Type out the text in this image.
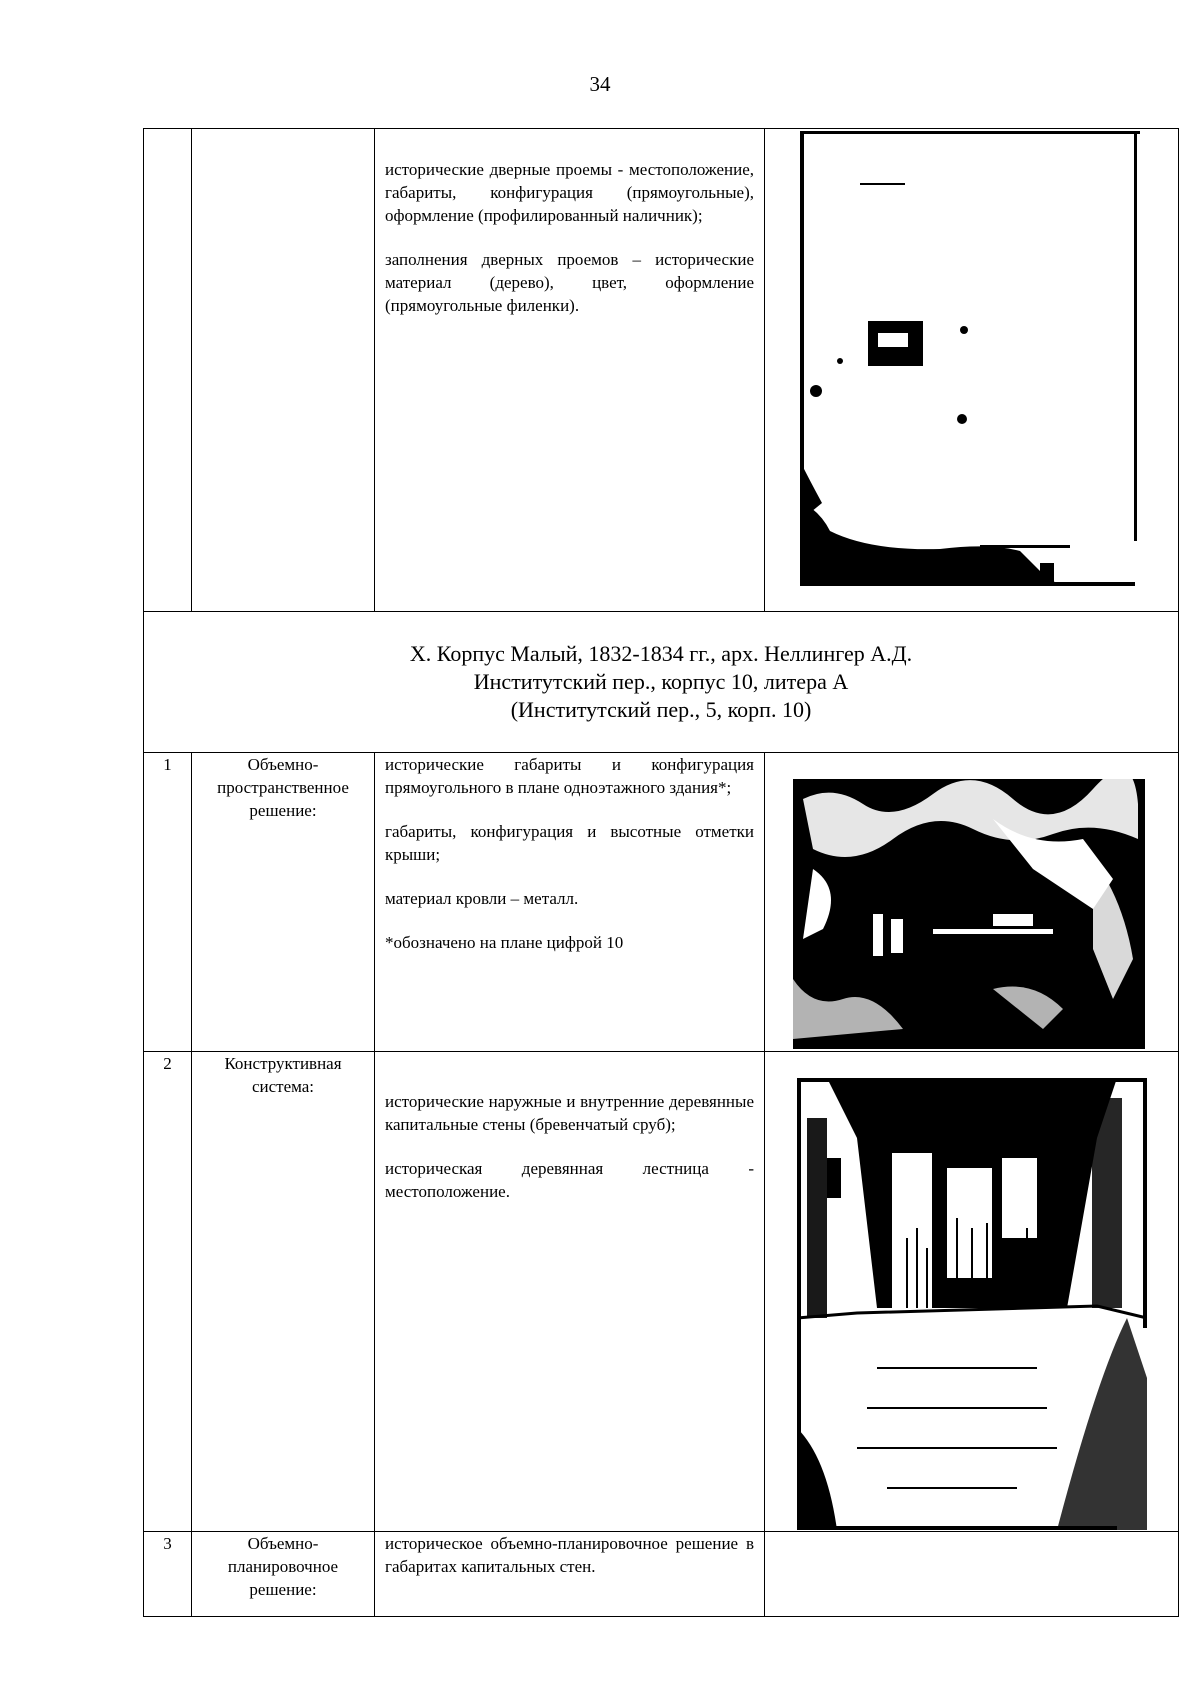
34

		исторические дверные проемы - местоположение, габариты, конфигурация (прямоугольные), оформление (профилированный наличник);

заполнения дверных проемов – исторические материал (дерево), цвет, оформление (прямоугольные филенки).

Х. Корпус Малый, 1832-1834 гг., арх. Неллингер А.Д.
Институтский пер., корпус 10, литера А
(Институтский пер., 5, корп. 10)			

1	Объемно-пространственное решение:	исторические габариты и конфигурация прямоугольного в плане одноэтажного здания*;

габариты, конфигурация и высотные отметки крыши;

материал кровли – металл.

*обозначено на плане цифрой 10

2	Конструктивная система:	исторические наружные и внутренние деревянные капитальные стены (бревенчатый сруб);

историческая деревянная лестница - местоположение.

3	Объемно-планировочное решение:	историческое объемно-планировочное решение в габаритах капитальных стен.	
